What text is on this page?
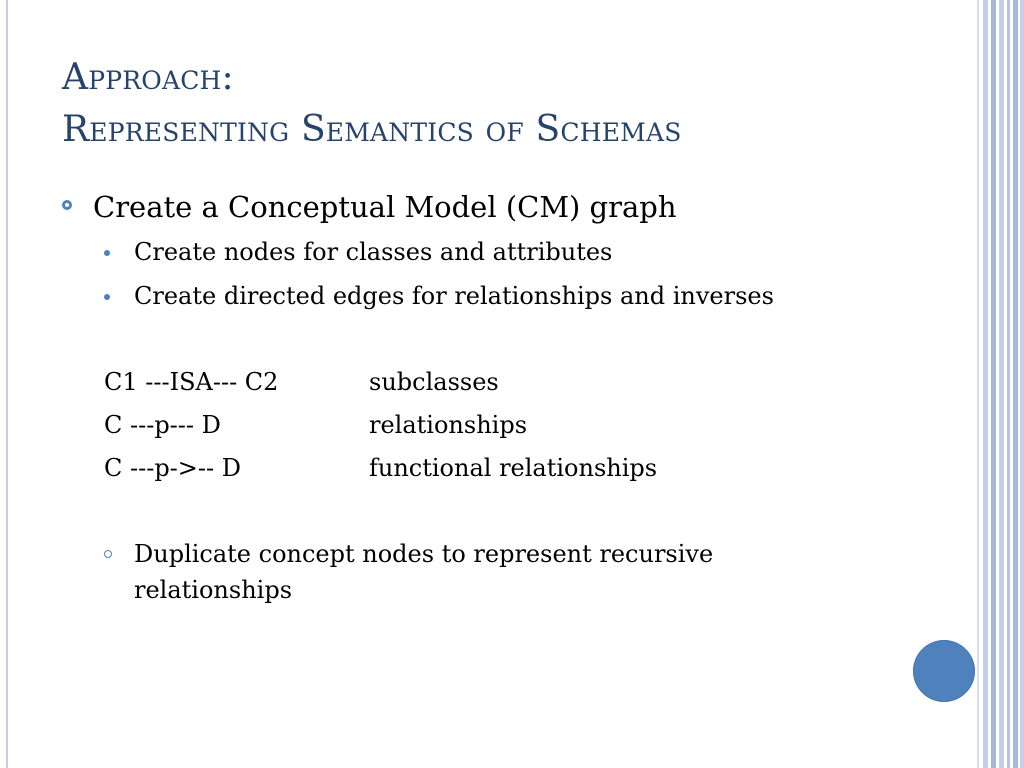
Approach:
Representing Semantics of Schemas
Create a Conceptual Model (CM) graph
Create nodes for classes and attributes
Create directed edges for relationships and inverses
C1 ---ISA--- C2	subclasses
C ---p--- D	relationships
C ---p->-- D	functional relationships
Duplicate concept nodes to represent recursive relationships
